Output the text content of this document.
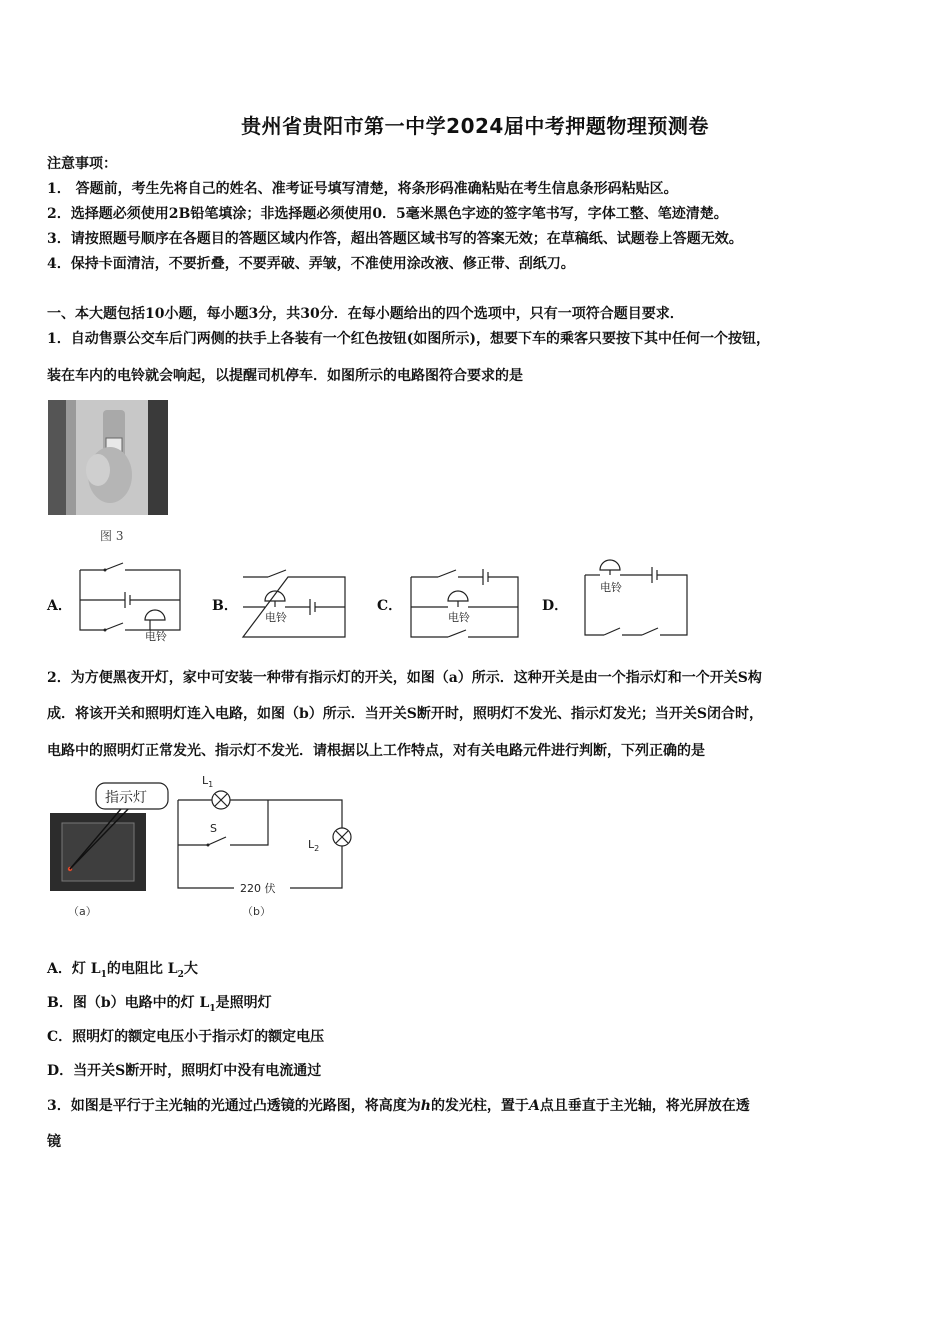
贵州省贵阳市第一中学2024届中考押题物理预测卷
注意事项：
1． 答题前，考生先将自己的姓名、准考证号填写清楚，将条形码准确粘贴在考生信息条形码粘贴区。
2．选择题必须使用2B铅笔填涂；非选择题必须使用0．5毫米黑色字迹的签字笔书写，字体工整、笔迹清楚。
3．请按照题号顺序在各题目的答题区域内作答，超出答题区域书写的答案无效；在草稿纸、试题卷上答题无效。
4．保持卡面清洁，不要折叠，不要弄破、弄皱，不准使用涂改液、修正带、刮纸刀。
一、本大题包括10小题，每小题3分，共30分．在每小题给出的四个选项中，只有一项符合题目要求．
1．自动售票公交车后门两侧的扶手上各装有一个红色按钮(如图所示)，想要下车的乘客只要按下其中任何一个按钮，
装在车内的电铃就会响起，以提醒司机停车．如图所示的电路图符合要求的是
图 3
A．	B．	C．	D．
电铃
电铃	电铃
电铃
2．为方便黑夜开灯，家中可安装一种带有指示灯的开关，如图（a）所示．这种开关是由一个指示灯和一个开关S构
成．将该开关和照明灯连入电路，如图（b）所示．当开关S断开时，照明灯不发光、指示灯发光；当开关S闭合时，
电路中的照明灯正常发光、指示灯不发光．请根据以上工作特点，对有关电路元件进行判断，下列正确的是
指示灯
（a）
$L_1$
$L_2$
S
220 伏
（b）
A．灯 $L_1$的电阻比 $L_2$大
B．图（b）电路中的灯 $L_1$是照明灯
C．照明灯的额定电压小于指示灯的额定电压
D．当开关S断开时，照明灯中没有电流通过
3．如图是平行于主光轴的光通过凸透镜的光路图，将高度为h的发光柱，置于A点且垂直于主光轴，将光屏放在透
镜
